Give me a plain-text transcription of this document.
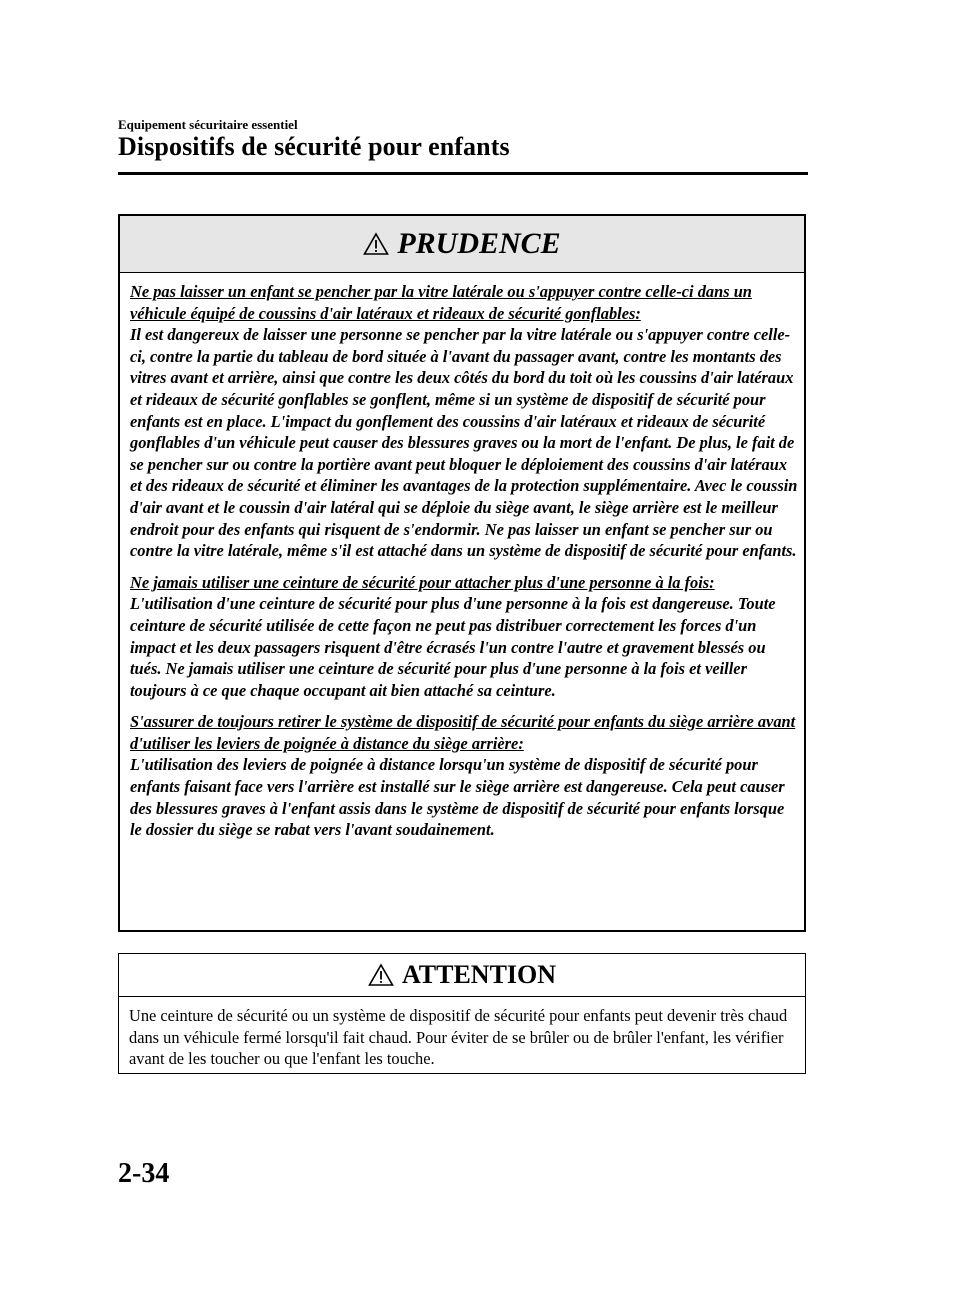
Equipement sécuritaire essentiel
Dispositifs de sécurité pour enfants
PRUDENCE

Ne pas laisser un enfant se pencher par la vitre latérale ou s'appuyer contre celle-ci dans un véhicule équipé de coussins d'air latéraux et rideaux de sécurité gonflables:
Il est dangereux de laisser une personne se pencher par la vitre latérale ou s'appuyer contre celle-ci, contre la partie du tableau de bord située à l'avant du passager avant, contre les montants des vitres avant et arrière, ainsi que contre les deux côtés du bord du toit où les coussins d'air latéraux et rideaux de sécurité gonflables se gonflent, même si un système de dispositif de sécurité pour enfants est en place. L'impact du gonflement des coussins d'air latéraux et rideaux de sécurité gonflables d'un véhicule peut causer des blessures graves ou la mort de l'enfant. De plus, le fait de se pencher sur ou contre la portière avant peut bloquer le déploiement des coussins d'air latéraux et des rideaux de sécurité et éliminer les avantages de la protection supplémentaire. Avec le coussin d'air avant et le coussin d'air latéral qui se déploie du siège avant, le siège arrière est le meilleur endroit pour des enfants qui risquent de s'endormir. Ne pas laisser un enfant se pencher sur ou contre la vitre latérale, même s'il est attaché dans un système de dispositif de sécurité pour enfants.

Ne jamais utiliser une ceinture de sécurité pour attacher plus d'une personne à la fois:
L'utilisation d'une ceinture de sécurité pour plus d'une personne à la fois est dangereuse. Toute ceinture de sécurité utilisée de cette façon ne peut pas distribuer correctement les forces d'un impact et les deux passagers risquent d'être écrasés l'un contre l'autre et gravement blessés ou tués. Ne jamais utiliser une ceinture de sécurité pour plus d'une personne à la fois et veiller toujours à ce que chaque occupant ait bien attaché sa ceinture.

S'assurer de toujours retirer le système de dispositif de sécurité pour enfants du siège arrière avant d'utiliser les leviers de poignée à distance du siège arrière:
L'utilisation des leviers de poignée à distance lorsqu'un système de dispositif de sécurité pour enfants faisant face vers l'arrière est installé sur le siège arrière est dangereuse. Cela peut causer des blessures graves à l'enfant assis dans le système de dispositif de sécurité pour enfants lorsque le dossier du siège se rabat vers l'avant soudainement.

ATTENTION

Une ceinture de sécurité ou un système de dispositif de sécurité pour enfants peut devenir très chaud dans un véhicule fermé lorsqu'il fait chaud. Pour éviter de se brûler ou de brûler l'enfant, les vérifier avant de les toucher ou que l'enfant les touche.

2-34
